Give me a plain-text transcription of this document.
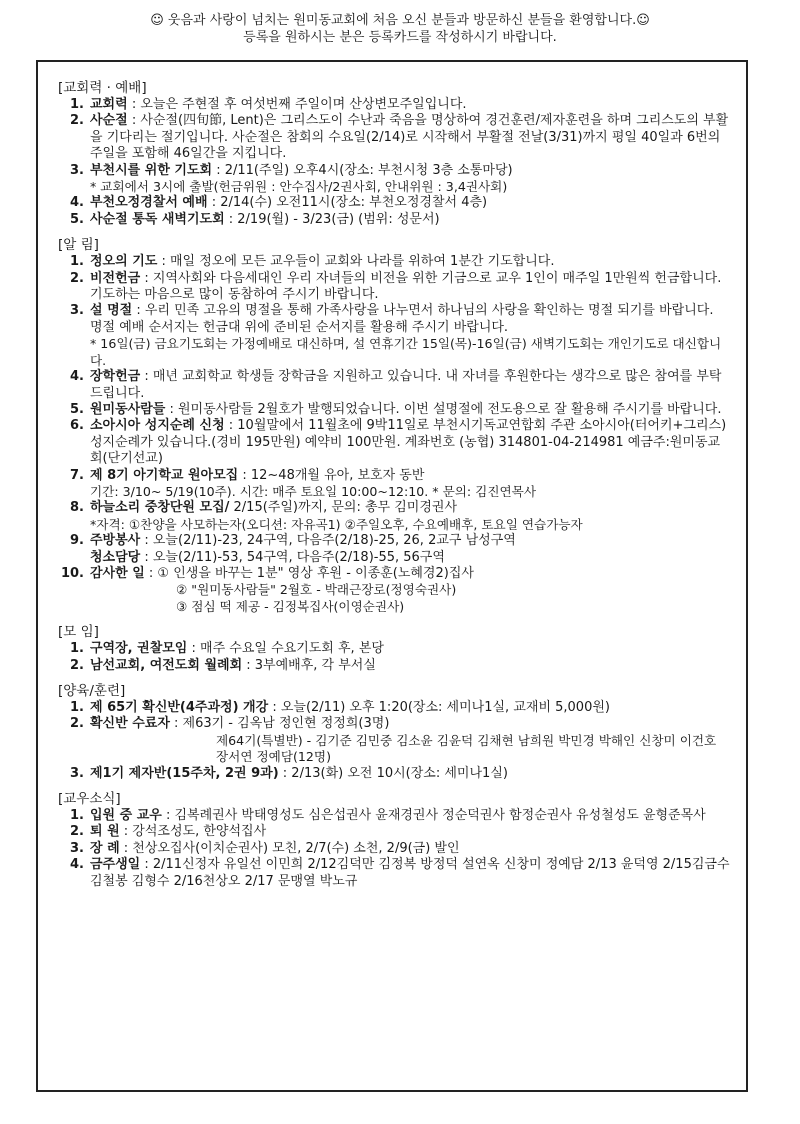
☺ 웃음과 사랑이 넘치는 원미동교회에 처음 오신 분들과 방문하신 분들을 환영합니다.☺
등록을 원하시는 분은 등록카드를 작성하시기 바랍니다.
[교회력 · 예배]
1. 교회력 : 오늘은 주현절 후 여섯번째 주일이며 산상변모주일입니다.
2. 사순절 : 사순절(四旬節, Lent)은 그리스도이 수난과 죽음을 명상하여 경건훈련/제자훈련을 하며 그리스도의 부활을 기다리는 절기입니다. 사순절은 참회의 수요일(2/14)로 시작해서 부활절 전날(3/31)까지 평일 40일과 6번의 주일을 포함해 46일간을 지킵니다.
3. 부천시를 위한 기도회 : 2/11(주일) 오후4시(장소: 부천시청 3층 소통마당)
* 교회에서 3시에 출발(헌금위원 : 안수집사/2권사회, 안내위원 : 3,4권사회)
4. 부천오정경찰서 예배 : 2/14(수) 오전11시(장소: 부천오정경찰서 4층)
5. 사순절 통독 새벽기도회 : 2/19(월) - 3/23(금) (범위: 성문서)
[알 림]
1. 정오의 기도 : 매일 정오에 모든 교우들이 교회와 나라를 위하여 1분간 기도합니다.
2. 비전헌금 : 지역사회와 다음세대인 우리 자녀들의 비전을 위한 기금으로 교우 1인이 매주일 1만원씩 헌금합니다. 기도하는 마음으로 많이 동참하여 주시기 바랍니다.
3. 설 명절 : 우리 민족 고유의 명절을 통해 가족사랑을 나누면서 하나님의 사랑을 확인하는 명절 되기를 바랍니다. 명절 예배 순서지는 헌금대 위에 준비된 순서지를 활용해 주시기 바랍니다.
* 16일(금) 금요기도회는 가정예배로 대신하며, 설 연휴기간 15일(목)-16일(금) 새벽기도회는 개인기도로 대신합니다.
4. 장학헌금 : 매년 교회학교 학생들 장학금을 지원하고 있습니다. 내 자녀를 후원한다는 생각으로 많은 참여를 부탁드립니다.
5. 원미동사람들 : 원미동사람들 2월호가 발행되었습니다. 이번 설명절에 전도용으로 잘 활용해 주시기를 바랍니다.
6. 소아시아 성지순례 신청 : 10월말에서 11월초에 9박11일로 부천시기독교연합회 주관 소아시아(터어키+그리스) 성지순례가 있습니다.(경비 195만원) 예약비 100만원. 계좌번호 (농협) 314801-04-214981 예금주:원미동교회(단기선교)
7. 제 8기 아기학교 원아모집 : 12~48개월 유아, 보호자 동반
기간: 3/10~ 5/19(10주). 시간: 매주 토요일 10:00~12:10. * 문의: 김진연목사
8. 하늘소리 중창단원 모집/ 2/15(주일)까지, 문의: 총무 김미경권사
*자격: ①찬양을 사모하는자(오디션: 자유곡1) ②주일오후, 수요예배후, 토요일 연습가능자
9. 주방봉사 : 오늘(2/11)-23, 24구역, 다음주(2/18)-25, 26, 2교구 남성구역
청소담당 : 오늘(2/11)-53, 54구역, 다음주(2/18)-55, 56구역
10. 감사한 일 : ① 인생을 바꾸는 1분" 영상 후원 - 이종훈(노혜경2)집사
② "원미동사람들" 2월호 - 박래근장로(정영숙권사)
③ 점심 떡 제공 - 김정복집사(이영순권사)
[모 임]
1. 구역장, 권찰모임 : 매주 수요일 수요기도회 후, 본당
2. 남선교회, 여전도회 월례회 : 3부예배후, 각 부서실
[양육/훈련]
1. 제 65기 확신반(4주과정) 개강 : 오늘(2/11) 오후 1:20(장소: 세미나1실, 교재비 5,000원)
2. 확신반 수료자 : 제63기 - 김옥남 정인현 정정희(3명)
제64기(특별반) - 김기준 김민중 김소윤 김윤덕 김채현 남희원 박민경 박해인 신창미 이건호 장서연 정예담(12명)
3. 제1기 제자반(15주차, 2권 9과) : 2/13(화) 오전 10시(장소: 세미나1실)
[교우소식]
1. 입원 중 교우 : 김복례권사 박태영성도 심은섭권사 윤재경권사 정순덕권사 함정순권사 유성철성도 윤형준목사
2. 퇴 원 : 강석조성도, 한양석집사
3. 장 례 : 천상오집사(이치순권사) 모친, 2/7(수) 소천, 2/9(금) 발인
4. 금주생일 : 2/11신정자 유일선 이민희 2/12김덕만 김정복 방정덕 설연옥 신창미 정예담 2/13 윤덕영 2/15김금수 김철봉 김형수 2/16천상오 2/17 문맹열 박노규
